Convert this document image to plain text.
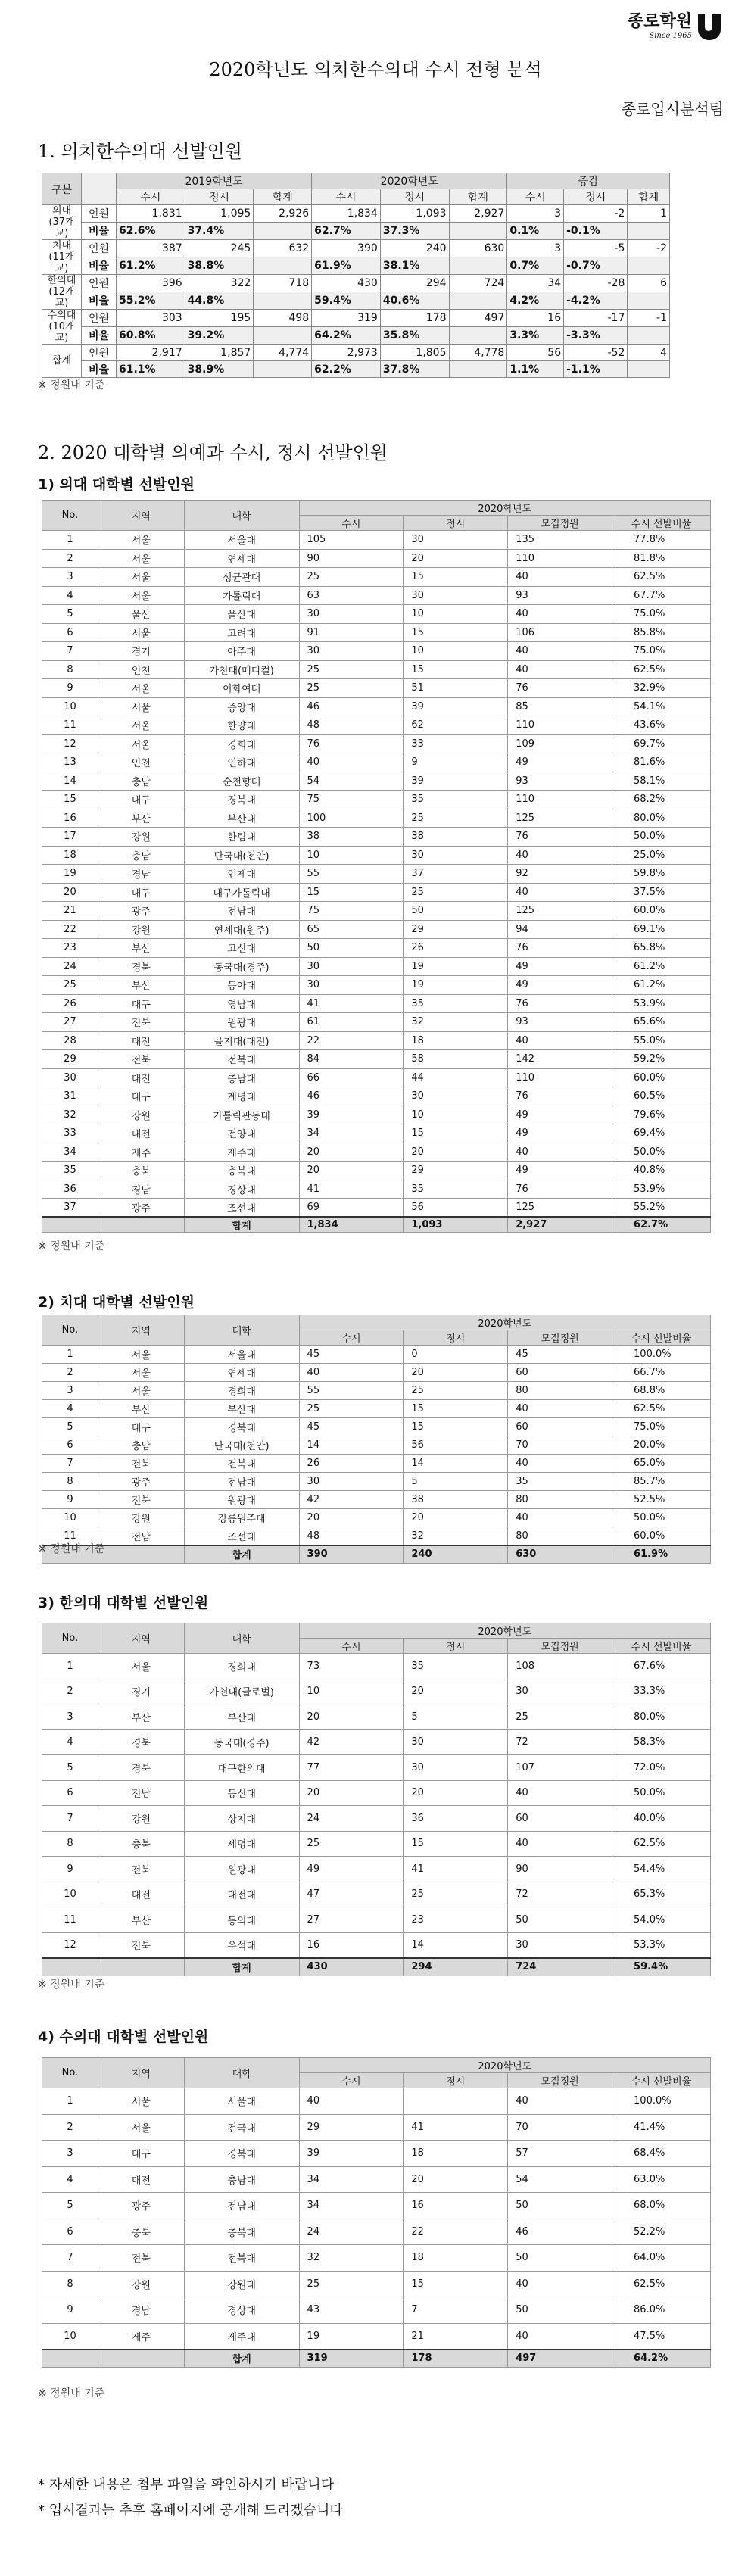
종로학원
Since 1965
2020학년도 의치한수의대 수시 전형 분석
종로입시분석팀
1. 의치한수의대 선발인원
구분		2019학년도			2020학년도			증감		
		수시	정시	합계	수시	정시	합계	수시	정시	합계

의대
(37개교)	인원	1,831	1,095	2,926	1,834	1,093	2,927	3	-2	1
	비율	62.6%	37.4%		62.7%	37.3%		0.1%	-0.1%	

치대
(11개교)	인원	387	245	632	390	240	630	3	-5	-2
	비율	61.2%	38.8%		61.9%	38.1%		0.7%	-0.7%	

한의대
(12개교)	인원	396	322	718	430	294	724	34	-28	6
	비율	55.2%	44.8%		59.4%	40.6%		4.2%	-4.2%	

수의대
(10개교)	인원	303	195	498	319	178	497	16	-17	-1
	비율	60.8%	39.2%		64.2%	35.8%		3.3%	-3.3%	

합계	인원	2,917	1,857	4,774	2,973	1,805	4,778	56	-52	4
	비율	61.1%	38.9%		62.2%	37.8%		1.1%	-1.1%	
※ 정원내 기준
2. 2020 대학별 의예과 수시, 정시 선발인원
1) 의대 대학별 선발인원
No.	지역	대학	2020학년도			
			수시	정시	모집정원	수시 선발비율
1	서울	서울대	105	30	135	77.8%
2	서울	연세대	90	20	110	81.8%
3	서울	성균관대	25	15	40	62.5%
4	서울	가톨릭대	63	30	93	67.7%
5	울산	울산대	30	10	40	75.0%
6	서울	고려대	91	15	106	85.8%
7	경기	아주대	30	10	40	75.0%
8	인천	가천대(메디컬)	25	15	40	62.5%
9	서울	이화여대	25	51	76	32.9%
10	서울	중앙대	46	39	85	54.1%
11	서울	한양대	48	62	110	43.6%
12	서울	경희대	76	33	109	69.7%
13	인천	인하대	40	9	49	81.6%
14	충남	순천향대	54	39	93	58.1%
15	대구	경북대	75	35	110	68.2%
16	부산	부산대	100	25	125	80.0%
17	강원	한림대	38	38	76	50.0%
18	충남	단국대(천안)	10	30	40	25.0%
19	경남	인제대	55	37	92	59.8%
20	대구	대구가톨릭대	15	25	40	37.5%
21	광주	전남대	75	50	125	60.0%
22	강원	연세대(원주)	65	29	94	69.1%
23	부산	고신대	50	26	76	65.8%
24	경북	동국대(경주)	30	19	49	61.2%
25	부산	동아대	30	19	49	61.2%
26	대구	영남대	41	35	76	53.9%
27	전북	원광대	61	32	93	65.6%
28	대전	을지대(대전)	22	18	40	55.0%
29	전북	전북대	84	58	142	59.2%
30	대전	충남대	66	44	110	60.0%
31	대구	계명대	46	30	76	60.5%
32	강원	가톨릭관동대	39	10	49	79.6%
33	대전	건양대	34	15	49	69.4%
34	제주	제주대	20	20	40	50.0%
35	충북	충북대	20	29	49	40.8%
36	경남	경상대	41	35	76	53.9%
37	광주	조선대	69	56	125	55.2%
		합계	1,834	1,093	2,927	62.7%
※ 정원내 기준
2) 치대 대학별 선발인원
No.	지역	대학	2020학년도			
			수시	정시	모집정원	수시 선발비율
1	서울	서울대	45	0	45	100.0%
2	서울	연세대	40	20	60	66.7%
3	서울	경희대	55	25	80	68.8%
4	부산	부산대	25	15	40	62.5%
5	대구	경북대	45	15	60	75.0%
6	충남	단국대(천안)	14	56	70	20.0%
7	전북	전북대	26	14	40	65.0%
8	광주	전남대	30	5	35	85.7%
9	전북	원광대	42	38	80	52.5%
10	강원	강릉원주대	20	20	40	50.0%
11	전남	조선대	48	32	80	60.0%
		합계	390	240	630	61.9%
※ 정원내 기준
3) 한의대 대학별 선발인원
No.	지역	대학	2020학년도			
			수시	정시	모집정원	수시 선발비율
1	서울	경희대	73	35	108	67.6%
2	경기	가천대(글로벌)	10	20	30	33.3%
3	부산	부산대	20	5	25	80.0%
4	경북	동국대(경주)	42	30	72	58.3%
5	경북	대구한의대	77	30	107	72.0%
6	전남	동신대	20	20	40	50.0%
7	강원	상지대	24	36	60	40.0%
8	충북	세명대	25	15	40	62.5%
9	전북	원광대	49	41	90	54.4%
10	대전	대전대	47	25	72	65.3%
11	부산	동의대	27	23	50	54.0%
12	전북	우석대	16	14	30	53.3%
		합계	430	294	724	59.4%
※ 정원내 기준
4) 수의대 대학별 선발인원
No.	지역	대학	2020학년도			
			수시	정시	모집정원	수시 선발비율
1	서울	서울대	40		40	100.0%
2	서울	건국대	29	41	70	41.4%
3	대구	경북대	39	18	57	68.4%
4	대전	충남대	34	20	54	63.0%
5	광주	전남대	34	16	50	68.0%
6	충북	충북대	24	22	46	52.2%
7	전북	전북대	32	18	50	64.0%
8	강원	강원대	25	15	40	62.5%
9	경남	경상대	43	7	50	86.0%
10	제주	제주대	19	21	40	47.5%
		합계	319	178	497	64.2%
※ 정원내 기준
* 자세한 내용은 첨부 파일을 확인하시기 바랍니다
* 입시결과는 추후 홈페이지에 공개해 드리겠습니다
